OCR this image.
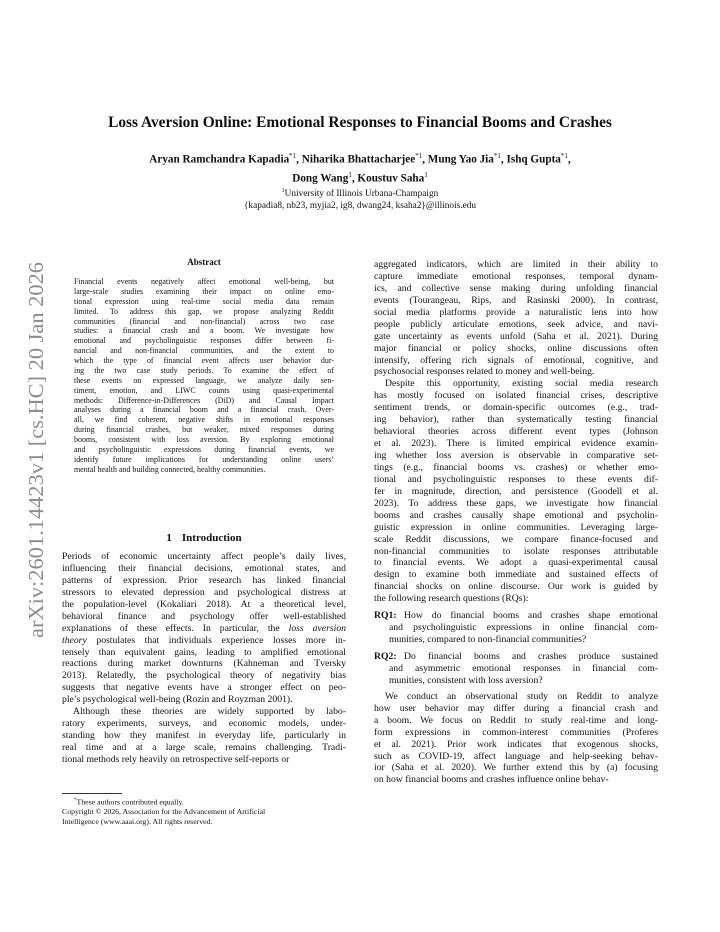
arXiv:2601.14423v1 [cs.HC] 20 Jan 2026
Loss Aversion Online: Emotional Responses to Financial Booms and Crashes
Aryan Ramchandra Kapadia$^{*1}$, Niharika Bhattacharjee$^{*1}$, Mung Yao Jia$^{*1}$, Ishq Gupta$^{*1}$,
Dong Wang$^1$, Koustuv Saha$^1$
$^1$University of Illinois Urbana-Champaign
{kapadia8, nb23, myjia2, ig8, dwang24, ksaha2}@illinois.edu
Abstract
Financial events negatively affect emotional well-being, but
large-scale studies examining their impact on online emo-
tional expression using real-time social media data remain
limited. To address this gap, we propose analyzing Reddit
communities (financial and non-financial) across two case
studies: a financial crash and a boom. We investigate how
emotional and psycholinguistic responses differ between fi-
nancial and non-financial communities, and the extent to
which the type of financial event affects user behavior dur-
ing the two case study periods. To examine the effect of
these events on expressed language, we analyze daily sen-
timent, emotion, and LIWC counts using quasi-experimental
methods: Difference-in-Differences (DiD) and Causal Impact
analyses during a financial boom and a financial crash. Over-
all, we find coherent, negative shifts in emotional responses
during financial crashes, but weaker, mixed responses during
booms, consistent with loss aversion. By exploring emotional
and psycholinguistic expressions during financial events, we
identify future implications for understanding online users’
mental health and building connected, healthy communities.
1 Introduction
Periods of economic uncertainty affect people’s daily lives,
influencing their financial decisions, emotional states, and
patterns of expression. Prior research has linked financial
stressors to elevated depression and psychological distress at
the population-level (Kokaliari 2018). At a theoretical level,
behavioral finance and psychology offer well-established
explanations of these effects. In particular, the loss aversion
theory postulates that individuals experience losses more in-
tensely than equivalent gains, leading to amplified emotional
reactions during market downturns (Kahneman and Tversky
2013). Relatedly, the psychological theory of negativity bias
suggests that negative events have a stronger effect on peo-
ple’s psychological well-being (Rozin and Royzman 2001).
Although these theories are widely supported by labo-
ratory experiments, surveys, and economic models, under-
standing how they manifest in everyday life, particularly in
real time and at a large scale, remains challenging. Tradi-
tional methods rely heavily on retrospective self-reports or
*These authors contributed equally.
Copyright © 2026, Association for the Advancement of Artificial
Intelligence (www.aaai.org). All rights reserved.
aggregated indicators, which are limited in their ability to
capture immediate emotional responses, temporal dynam-
ics, and collective sense making during unfolding financial
events (Tourangeau, Rips, and Rasinski 2000). In contrast,
social media platforms provide a naturalistic lens into how
people publicly articulate emotions, seek advice, and navi-
gate uncertainty as events unfold (Saha et al. 2021). During
major financial or policy shocks, online discussions often
intensify, offering rich signals of emotional, cognitive, and
psychosocial responses related to money and well-being.
Despite this opportunity, existing social media research
has mostly focused on isolated financial crises, descriptive
sentiment trends, or domain-specific outcomes (e.g., trad-
ing behavior), rather than systematically testing financial
behavioral theories across different event types (Johnson
et al. 2023). There is limited empirical evidence examin-
ing whether loss aversion is observable in comparative set-
tings (e.g., financial booms vs. crashes) or whether emo-
tional and psycholinguistic responses to these events dif-
fer in magnitude, direction, and persistence (Goodell et al.
2023). To address these gaps, we investigate how financial
booms and crashes causally shape emotional and psycholin-
guistic expression in online communities. Leveraging large-
scale Reddit discussions, we compare finance-focused and
non-financial communities to isolate responses attributable
to financial events. We adopt a quasi-experimental causal
design to examine both immediate and sustained effects of
financial shocks on online discourse. Our work is guided by
the following research questions (RQs):
RQ1: How do financial booms and crashes shape emotional
and psycholinguistic expressions in online financial com-
munities, compared to non-financial communities?
RQ2: Do financial booms and crashes produce sustained
and asymmetric emotional responses in financial com-
munities, consistent with loss aversion?
We conduct an observational study on Reddit to analyze
how user behavior may differ during a financial crash and
a boom. We focus on Reddit to study real-time and long-
form expressions in common-interest communities (Proferes
et al. 2021). Prior work indicates that exogenous shocks,
such as COVID-19, affect language and help-seeking behav-
ior (Saha et al. 2020). We further extend this by (a) focusing
on how financial booms and crashes influence online behav-
